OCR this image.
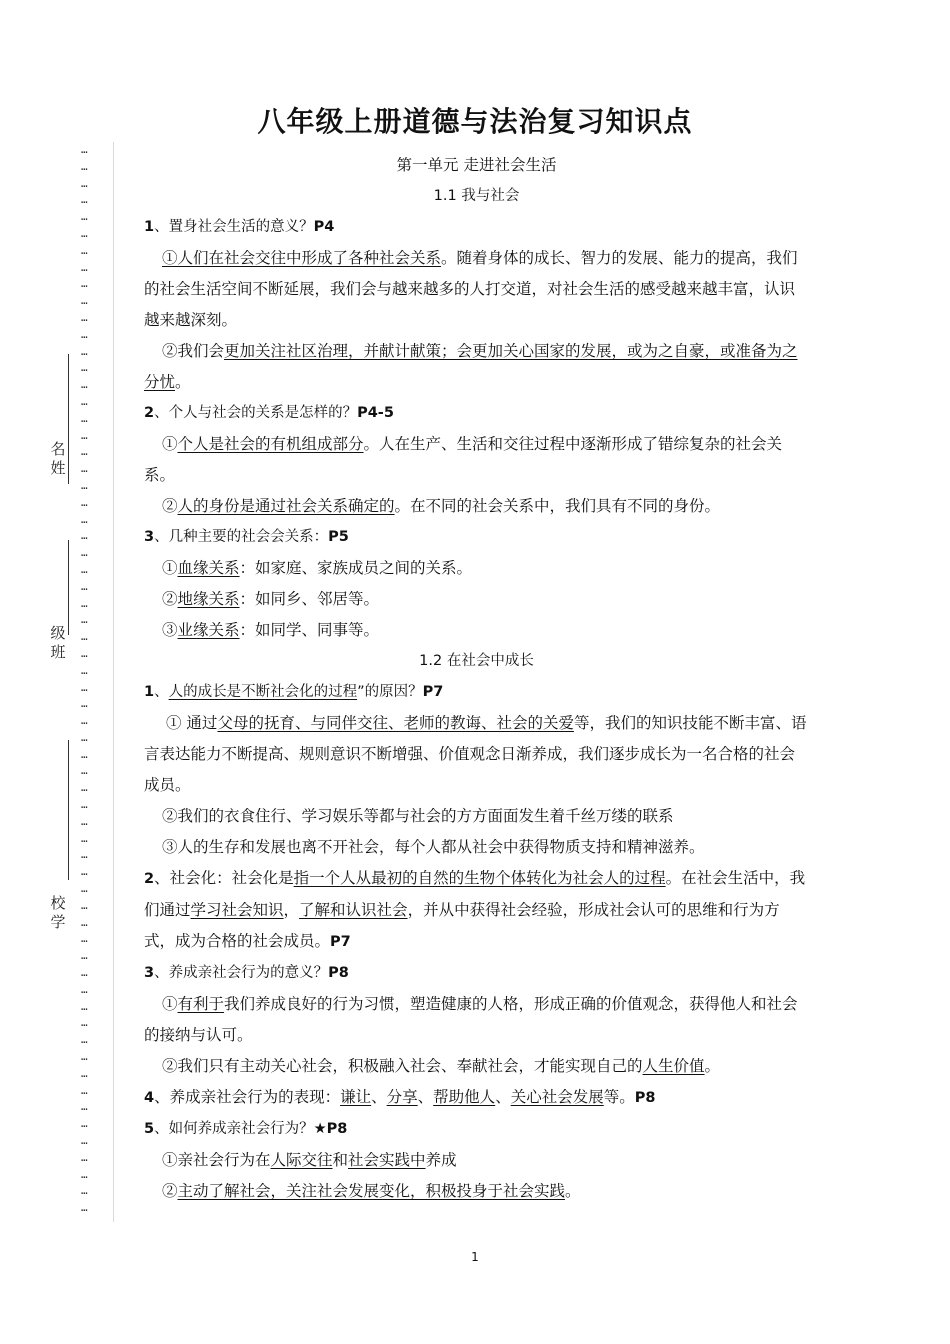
…
…
…
…
…
…
…
…
…
…
…
…
…
…
…
…
…
…
…
…
…
…
…
…
…
…
…
…
…
…
…
…
…
…
…
…
…
…
…
…
…
…
…
…
…
…
…
…
…
…
…
…
…
…
…
…
…
…
…
…
…
…
…
…

名姓
级班
校学
八年级上册道德与法治复习知识点

第一单元 走进社会生活

1.1 我与社会

1、置身社会生活的意义？P4

①人们在社会交往中形成了各种社会关系。随着身体的成长、智力的发展、能力的提高，我们的社会生活空间不断延展，我们会与越来越多的人打交道，对社会生活的感受越来越丰富，认识越来越深刻。

②我们会更加关注社区治理，并献计献策；会更加关心国家的发展，或为之自豪，或准备为之分忧。

2、个人与社会的关系是怎样的？P4-5

①个人是社会的有机组成部分。人在生产、生活和交往过程中逐渐形成了错综复杂的社会关系。

②人的身份是通过社会关系确定的。在不同的社会关系中，我们具有不同的身份。

3、几种主要的社会会关系：P5

①血缘关系：如家庭、家族成员之间的关系。

②地缘关系：如同乡、邻居等。

③业缘关系：如同学、同事等。

1.2 在社会中成长

1、人的成长是不断社会化的过程”的原因？P7

① 通过父母的抚育、与同伴交往、老师的教诲、社会的关爱等，我们的知识技能不断丰富、语言表达能力不断提高、规则意识不断增强、价值观念日渐养成，我们逐步成长为一名合格的社会成员。

②我们的衣食住行、学习娱乐等都与社会的方方面面发生着千丝万缕的联系

③人的生存和发展也离不开社会，每个人都从社会中获得物质支持和精神滋养。

2、社会化：社会化是指一个人从最初的自然的生物个体转化为社会人的过程。在社会生活中，我们通过学习社会知识，了解和认识社会，并从中获得社会经验，形成社会认可的思维和行为方式，成为合格的社会成员。P7

3、养成亲社会行为的意义？P8

①有利于我们养成良好的行为习惯，塑造健康的人格，形成正确的价值观念，获得他人和社会的接纳与认可。

②我们只有主动关心社会，积极融入社会、奉献社会，才能实现自己的人生价值。

4、养成亲社会行为的表现：谦让、分享、帮助他人、关心社会发展等。P8

5、如何养成亲社会行为？★P8

①亲社会行为在人际交往和社会实践中养成

②主动了解社会，关注社会发展变化，积极投身于社会实践。

1
